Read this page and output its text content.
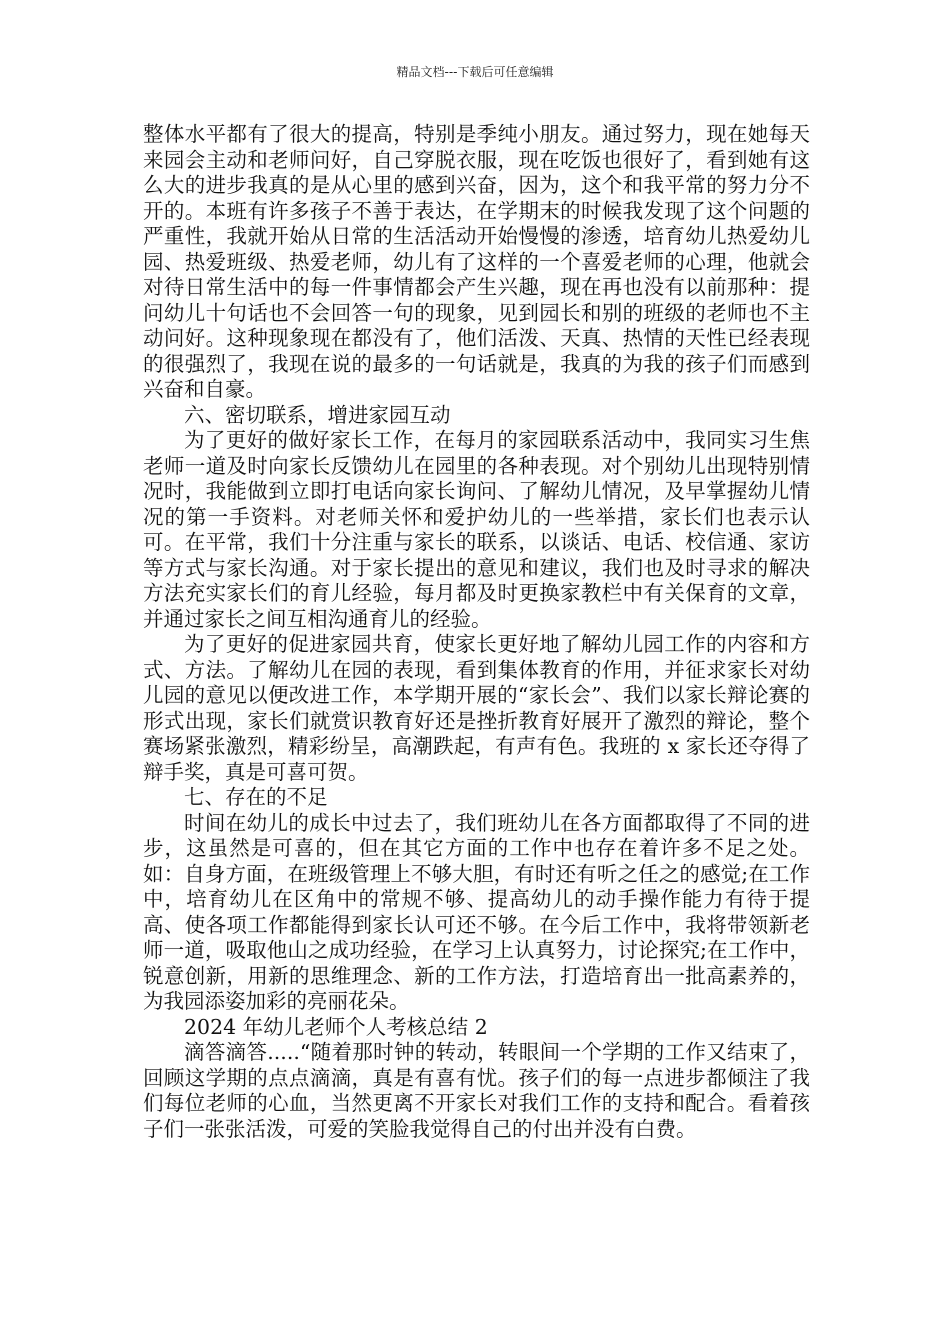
精品文档---下载后可任意编辑

整体水平都有了很大的提高，特别是季纯小朋友。通过努力，现在她每天来园会主动和老师问好，自己穿脱衣服，现在吃饭也很好了，看到她有这么大的进步我真的是从心里的感到兴奋，因为，这个和我平常的努力分不开的。本班有许多孩子不善于表达，在学期末的时候我发现了这个问题的严重性，我就开始从日常的生活活动开始慢慢的渗透，培育幼儿热爱幼儿园、热爱班级、热爱老师，幼儿有了这样的一个喜爱老师的心理，他就会对待日常生活中的每一件事情都会产生兴趣，现在再也没有以前那种：提问幼儿十句话也不会回答一句的现象，见到园长和别的班级的老师也不主动问好。这种现象现在都没有了，他们活泼、天真、热情的天性已经表现的很强烈了，我现在说的最多的一句话就是，我真的为我的孩子们而感到兴奋和自豪。

六、密切联系，增进家园互动

为了更好的做好家长工作，在每月的家园联系活动中，我同实习生焦老师一道及时向家长反馈幼儿在园里的各种表现。对个别幼儿出现特别情况时，我能做到立即打电话向家长询问、了解幼儿情况，及早掌握幼儿情况的第一手资料。对老师关怀和爱护幼儿的一些举措，家长们也表示认可。在平常，我们十分注重与家长的联系，以谈话、电话、校信通、家访等方式与家长沟通。对于家长提出的意见和建议，我们也及时寻求的解决方法充实家长们的育儿经验，每月都及时更换家教栏中有关保育的文章，并通过家长之间互相沟通育儿的经验。

为了更好的促进家园共育，使家长更好地了解幼儿园工作的内容和方式、方法。了解幼儿在园的表现，看到集体教育的作用，并征求家长对幼儿园的意见以便改进工作，本学期开展的“家长会”、我们以家长辩论赛的形式出现，家长们就赏识教育好还是挫折教育好展开了激烈的辩论，整个赛场紧张激烈，精彩纷呈，高潮跌起，有声有色。我班的 x 家长还夺得了辩手奖，真是可喜可贺。

七、存在的不足

时间在幼儿的成长中过去了，我们班幼儿在各方面都取得了不同的进步，这虽然是可喜的，但在其它方面的工作中也存在着许多不足之处。如：自身方面，在班级管理上不够大胆，有时还有听之任之的感觉;在工作中，培育幼儿在区角中的常规不够、提高幼儿的动手操作能力有待于提高、使各项工作都能得到家长认可还不够。在今后工作中，我将带领新老师一道，吸取他山之成功经验，在学习上认真努力，讨论探究;在工作中，锐意创新，用新的思维理念、新的工作方法，打造培育出一批高素养的，为我园添姿加彩的亮丽花朵。

2024 年幼儿老师个人考核总结 2

滴答滴答.....“随着那时钟的转动，转眼间一个学期的工作又结束了，回顾这学期的点点滴滴，真是有喜有忧。孩子们的每一点进步都倾注了我们每位老师的心血，当然更离不开家长对我们工作的支持和配合。看着孩子们一张张活泼，可爱的笑脸我觉得自己的付出并没有白费。
